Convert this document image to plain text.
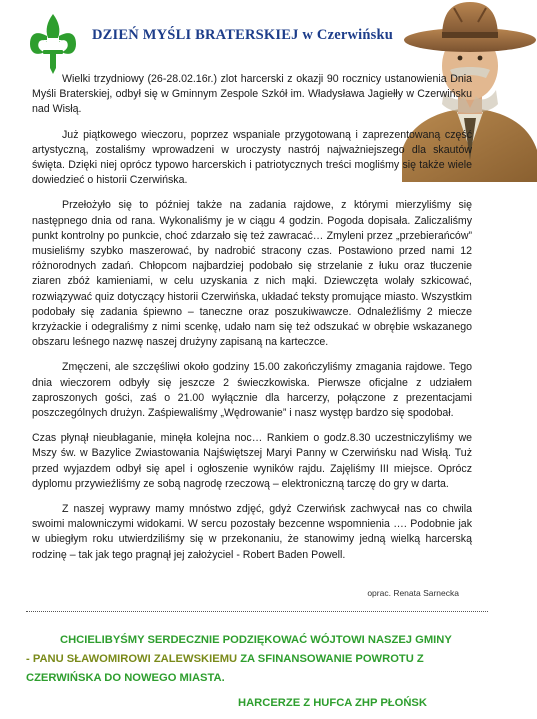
ZHP
DZIEŃ MYŚLI BRATERSKIEJ w Czerwińsku

Wielki trzydniowy (26-28.02.16r.) zlot harcerski z okazji 90 rocznicy ustanowienia Dnia Myśli Braterskiej, odbył się w Gminnym Zespole Szkół im. Władysława Jagiełły w Czerwińsku nad Wisłą.

Już piątkowego wieczoru, poprzez wspaniale przygotowaną i zaprezentowaną część artystyczną, zostaliśmy wprowadzeni w uroczysty nastrój najważniejszego dla skautów święta. Dzięki niej oprócz typowo harcerskich i patriotycznych treści mogliśmy się także wiele dowiedzieć o historii Czerwińska.

Przełożyło się to później także na zadania rajdowe, z którymi mierzyliśmy się następnego dnia od rana. Wykonaliśmy je w ciągu 4 godzin. Pogoda dopisała. Zaliczaliśmy punkt kontrolny po punkcie, choć zdarzało się też zawracać… Zmyleni przez „przebierańców” musieliśmy szybko maszerować, by nadrobić stracony czas. Postawiono przed nami 12 różnorodnych zadań. Chłopcom najbardziej podobało się strzelanie z łuku oraz tłuczenie ziaren zbóż kamieniami, w celu uzyskania z nich mąki. Dziewczęta wolały szkicować, rozwiązywać quiz dotyczący historii Czerwińska, układać teksty promujące miasto. Wszystkim podobały się zadania śpiewno – taneczne oraz poszukiwawcze. Odnaleźliśmy 2 miecze krzyżackie i odegraliśmy z nimi scenkę, udało nam się też odszukać w obrębie wskazanego obszaru leśnego nazwę naszej drużyny zapisaną na karteczce.

Zmęczeni, ale szczęśliwi około godziny 15.00 zakończyliśmy zmagania rajdowe. Tego dnia wieczorem odbyły się jeszcze 2 świeczkowiska. Pierwsze oficjalne z udziałem zaproszonych gości, zaś o 21.00 wyłącznie dla harcerzy, połączone z prezentacjami poszczególnych drużyn. Zaśpiewaliśmy „Wędrowanie” i nasz występ bardzo się spodobał.

Czas płynął nieubłaganie, minęła kolejna noc… Rankiem o godz.8.30 uczestniczyliśmy we Mszy św. w Bazylice Zwiastowania Najświętszej Maryi Panny w Czerwińsku nad Wisłą. Tuż przed wyjazdem odbył się apel i ogłoszenie wyników rajdu. Zajęliśmy III miejsce. Oprócz dyplomu przywieźliśmy ze sobą nagrodę rzeczową – elektroniczną tarczę do gry w darta.

Z naszej wyprawy mamy mnóstwo zdjęć, gdyż Czerwińsk zachwycał nas co chwila swoimi malowniczymi widokami. W sercu pozostały bezcenne wspomnienia …. Podobnie jak w ubiegłym roku utwierdziliśmy się w przekonaniu, że stanowimy jedną wielką harcerską rodzinę – tak jak tego pragnął jej założyciel - Robert Baden Powell.

oprac. Renata Sarnecka
CHCIELIBYŚMY SERDECZNIE PODZIĘKOWAĆ WÓJTOWI NASZEJ GMINY
- PANU SŁAWOMIROWI ZALEWSKIEMU ZA SFINANSOWANIE POWROTU Z
CZERWIŃSKA DO NOWEGO MIASTA.
HARCERZE Z HUFCA ZHP PŁOŃSK
